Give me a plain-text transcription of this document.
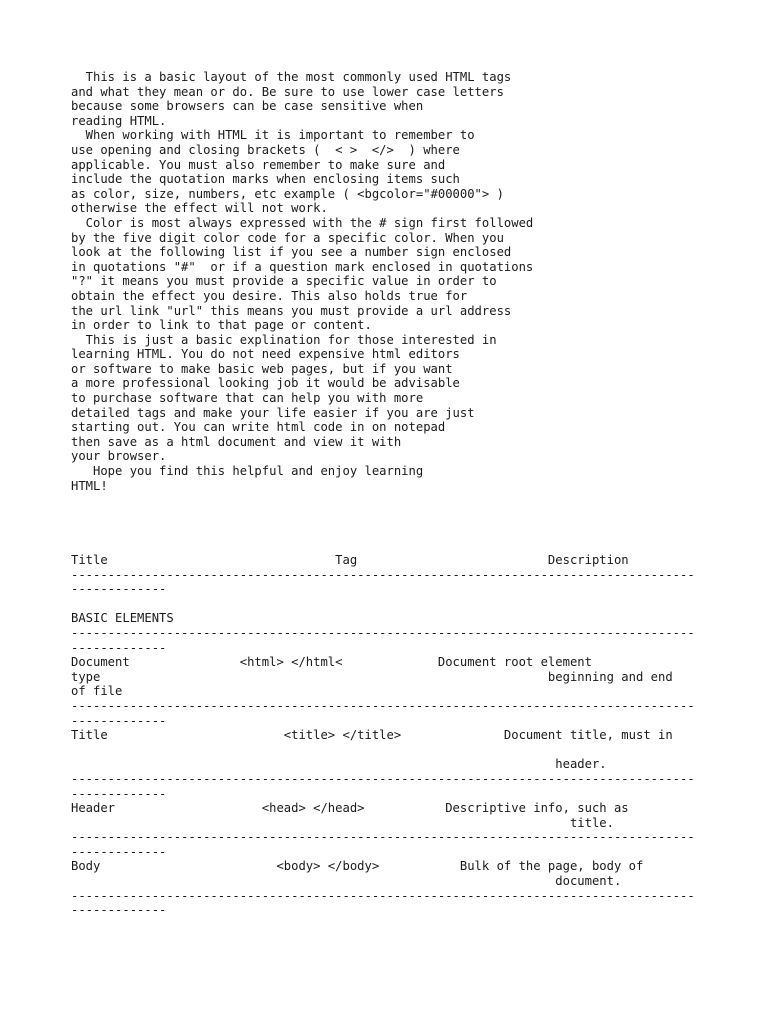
This is a basic layout of the most commonly used HTML tags
and what they mean or do. Be sure to use lower case letters
because some browsers can be case sensitive when
reading HTML.
When working with HTML it is important to remember to
use opening and closing brackets (  < >  </>  ) where
applicable. You must also remember to make sure and
include the quotation marks when enclosing items such
as color, size, numbers, etc example ( <bgcolor="#00000"> )
otherwise the effect will not work.
Color is most always expressed with the # sign first followed
by the five digit color code for a specific color. When you
look at the following list if you see a number sign enclosed
in quotations "#"  or if a question mark enclosed in quotations
"?" it means you must provide a specific value in order to
obtain the effect you desire. This also holds true for
the url link "url" this means you must provide a url address
in order to link to that page or content.
This is just a basic explination for those interested in
learning HTML. You do not need expensive html editors
or software to make basic web pages, but if you want
a more professional looking job it would be advisable
to purchase software that can help you with more
detailed tags and make your life easier if you are just
starting out. You can write html code in on notepad
then save as a html document and view it with
your browser.
Hope you find this helpful and enjoy learning
HTML!
Title                               Tag                          Description
-------------------------------------------------------------------------------------
-------------

BASIC ELEMENTS
-------------------------------------------------------------------------------------
-------------
Document               <html> </html<             Document root element
type                                                             beginning and end
of file
-------------------------------------------------------------------------------------
-------------
Title                        <title> </title>              Document title, must in

header.
-------------------------------------------------------------------------------------
-------------
Header                    <head> </head>           Descriptive info, such as
title.
-------------------------------------------------------------------------------------
-------------
Body                        <body> </body>           Bulk of the page, body of
document.
-------------------------------------------------------------------------------------
-------------
